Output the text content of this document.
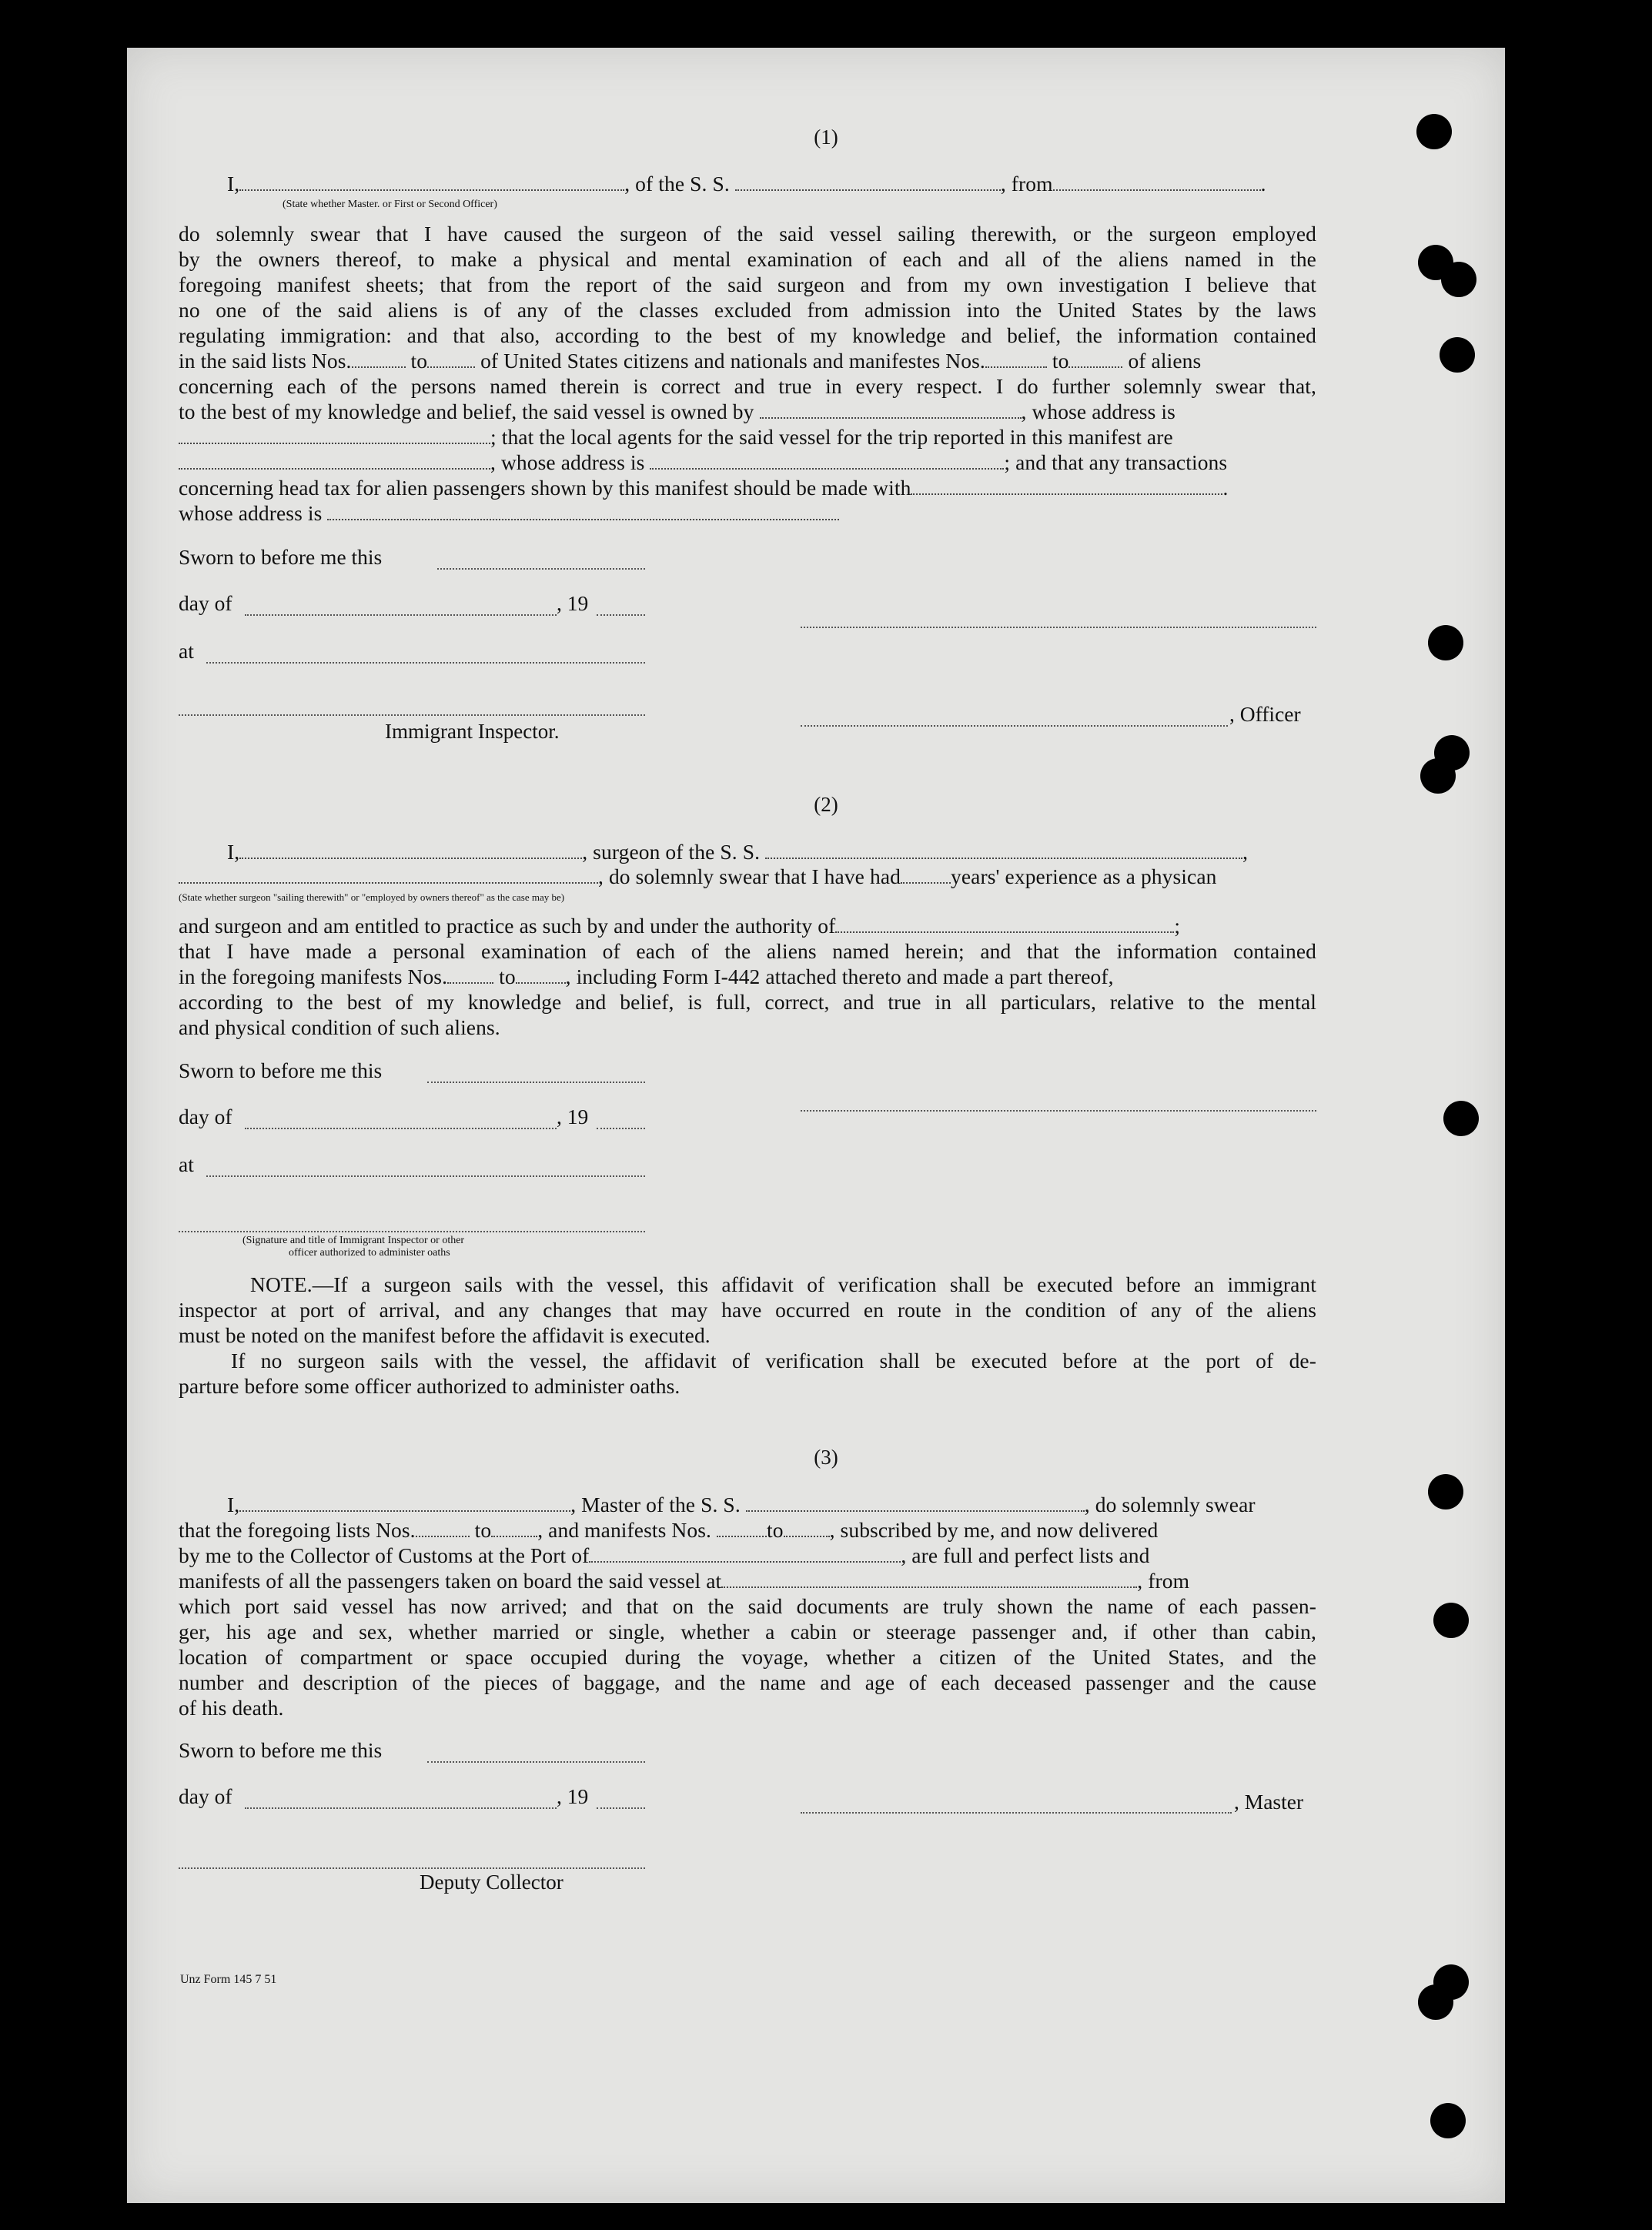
(1)
I,	, of the S. S.	, from	.
(State whether Master. or First or Second Officer)
do solemnly swear that I have caused the surgeon of the said vessel sailing therewith, or the surgeon employed
by the owners thereof, to make a physical and mental examination of each and all of the aliens named in the
foregoing manifest sheets; that from the report of the said surgeon and from my own investigation I believe that
no one of the said aliens is of any of the classes excluded from admission into the United States by the laws
regulating immigration: and that also, according to the best of my knowledge and belief, the information contained
in the said lists Nos.	to	of United States citizens and nationals and manifestes Nos.	to	of aliens
concerning each of the persons named therein is correct and true in every respect. I do further solemnly swear that,
to the best of my knowledge and belief, the said vessel is owned by	, whose address is
; that the local agents for the said vessel for the trip reported in this manifest are
, whose address is	; and that any transactions
concerning head tax for alien passengers shown by this manifest should be made with	.
whose address is
Sworn to before me this
day of	, 19
at
, Officer
Immigrant Inspector.
(2)
I,	, surgeon of the S. S.	,
, do solemnly swear that I have had years' experience as a physican
(State whether surgeon "sailing therewith" or "employed by owners thereof" as the case may be)
and surgeon and am entitled to practice as such by and under the authority of	;
that I have made a personal examination of each of the aliens named herein; and that the information contained
in the foregoing manifests Nos. to , including Form I-442 attached thereto and made a part thereof,
according to the best of my knowledge and belief, is full, correct, and true in all particulars, relative to the mental
and physical condition of such aliens.
Sworn to before me this
day of	, 19
at
(Signature and title of Immigrant Inspector or other
officer authorized to administer oaths
NOTE.—If a surgeon sails with the vessel, this affidavit of verification shall be executed before an immigrant
inspector at port of arrival, and any changes that may have occurred en route in the condition of any of the aliens
must be noted on the manifest before the affidavit is executed.
If no surgeon sails with the vessel, the affidavit of verification shall be executed before at the port of de-
parture before some officer authorized to administer oaths.
(3)
I,	, Master of the S. S.	, do solemnly swear
that the foregoing lists Nos.	to , and manifests Nos.	to , subscribed by me, and now delivered
by me to the Collector of Customs at the Port of	, are full and perfect lists and
manifests of all the passengers taken on board the said vessel at	, from
which port said vessel has now arrived; and that on the said documents are truly shown the name of each passen-
ger, his age and sex, whether married or single, whether a cabin or steerage passenger and, if other than cabin,
location of compartment or space occupied during the voyage, whether a citizen of the United States, and the
number and description of the pieces of baggage, and the name and age of each deceased passenger and the cause
of his death.
Sworn to before me this
day of	, 19	, Master
Deputy Collector
Unz Form 145 7 51
